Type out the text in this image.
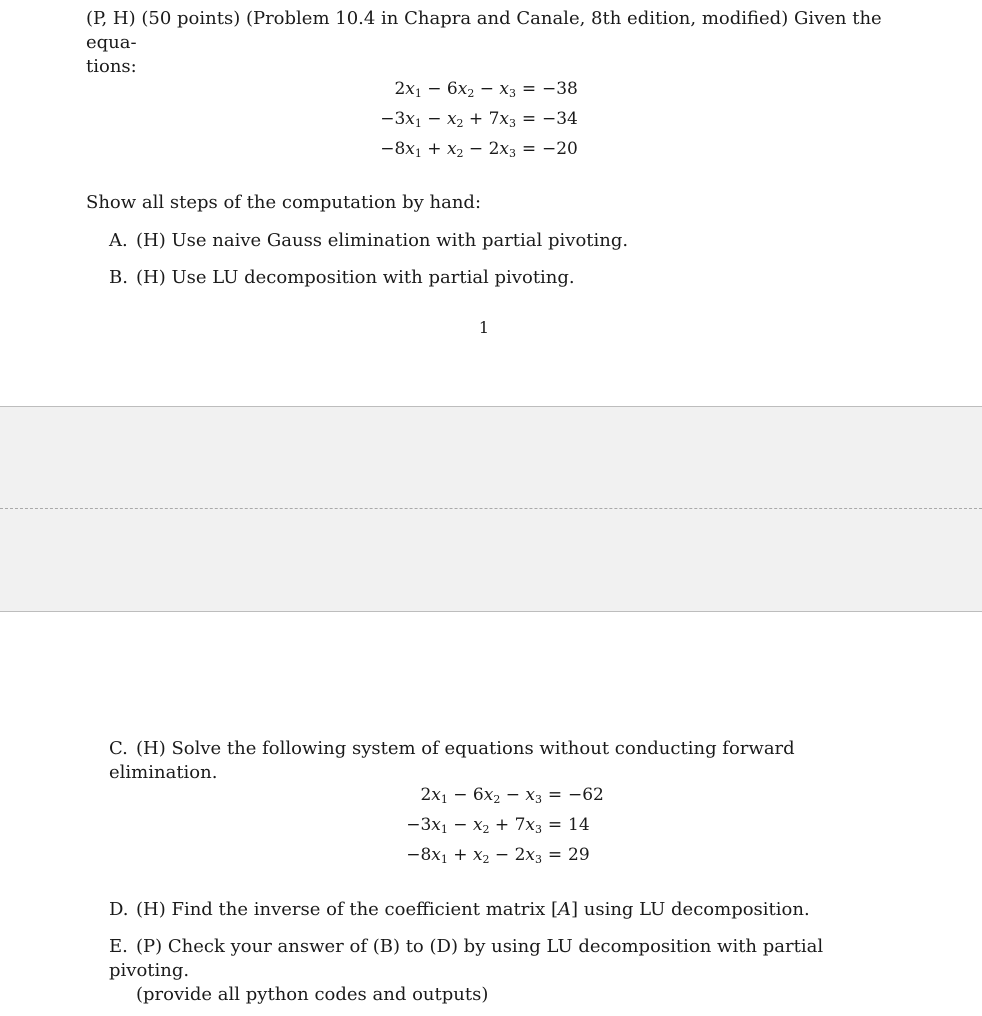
(P, H) (50 points) (Problem 10.4 in Chapra and Canale, 8th edition, modified) Given the equa-
tions:
$2x_1 - 6x_2 - x_3 = -38$
$-3x_1 - x_2 + 7x_3 = -34$
$-8x_1 + x_2 - 2x_3 = -20$
Show all steps of the computation by hand:
A. (H) Use naive Gauss elimination with partial pivoting.
B. (H) Use LU decomposition with partial pivoting.
1
C. (H) Solve the following system of equations without conducting forward elimination.
$2x_1 - 6x_2 - x_3 = -62$
$-3x_1 - x_2 + 7x_3 = 14$
$-8x_1 + x_2 - 2x_3 = 29$
D. (H) Find the inverse of the coefficient matrix [A] using LU decomposition.
E. (P) Check your answer of (B) to (D) by using LU decomposition with partial pivoting.
(provide all python codes and outputs)
